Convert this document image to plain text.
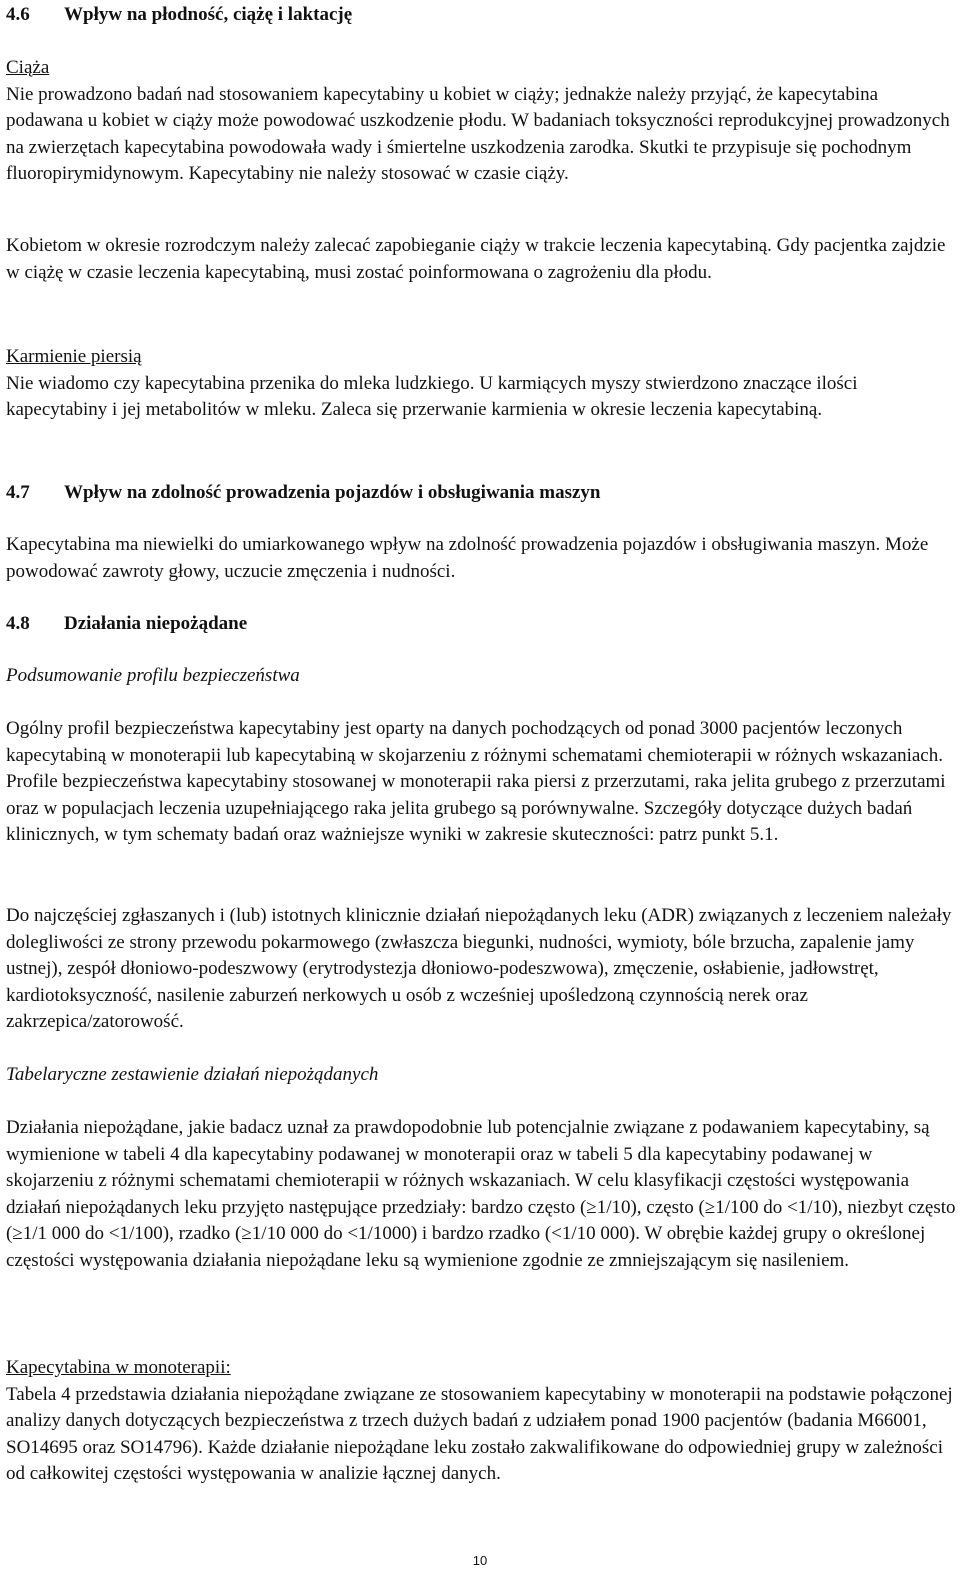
4.6	Wpływ na płodność, ciążę i laktację

Ciąża

Nie prowadzono badań nad stosowaniem kapecytabiny u kobiet w ciąży; jednakże należy przyjąć, że kapecytabina podawana u kobiet w ciąży może powodować uszkodzenie płodu. W badaniach toksyczności reprodukcyjnej prowadzonych na zwierzętach kapecytabina powodowała wady i śmiertelne uszkodzenia zarodka. Skutki te przypisuje się pochodnym fluoropirymidynowym. Kapecytabiny nie należy stosować w czasie ciąży.

Kobietom w okresie rozrodczym należy zalecać zapobieganie ciąży w trakcie leczenia kapecytabiną. Gdy pacjentka zajdzie w ciążę w czasie leczenia kapecytabiną, musi zostać poinformowana o zagrożeniu dla płodu.

Karmienie piersią

Nie wiadomo czy kapecytabina przenika do mleka ludzkiego. U karmiących myszy stwierdzono znaczące ilości kapecytabiny i jej metabolitów w mleku. Zaleca się przerwanie karmienia w okresie leczenia kapecytabiną.

4.7	Wpływ na zdolność prowadzenia pojazdów i obsługiwania maszyn

Kapecytabina ma niewielki do umiarkowanego wpływ na zdolność prowadzenia pojazdów i obsługiwania maszyn. Może powodować zawroty głowy, uczucie zmęczenia i nudności.

4.8	Działania niepożądane

Podsumowanie profilu bezpieczeństwa

Ogólny profil bezpieczeństwa kapecytabiny jest oparty na danych pochodzących od ponad 3000 pacjentów leczonych kapecytabiną w monoterapii lub kapecytabiną w skojarzeniu z różnymi schematami chemioterapii w różnych wskazaniach. Profile bezpieczeństwa kapecytabiny stosowanej w monoterapii raka piersi z przerzutami, raka jelita grubego z przerzutami oraz w populacjach leczenia uzupełniającego raka jelita grubego są porównywalne. Szczegóły dotyczące dużych badań klinicznych, w tym schematy badań oraz ważniejsze wyniki w zakresie skuteczności: patrz punkt 5.1.

Do najczęściej zgłaszanych i (lub) istotnych klinicznie działań niepożądanych leku (ADR) związanych z leczeniem należały dolegliwości ze strony przewodu pokarmowego (zwłaszcza biegunki, nudności, wymioty, bóle brzucha, zapalenie jamy ustnej), zespół dłoniowo-podeszwowy (erytrodystezja dłoniowo-podeszwowa), zmęczenie, osłabienie, jadłowstręt, kardiotoksyczność, nasilenie zaburzeń nerkowych u osób z wcześniej upośledzoną czynnością nerek oraz zakrzepica/zatorowość.

Tabelaryczne zestawienie działań niepożądanych

Działania niepożądane, jakie badacz uznał za prawdopodobnie lub potencjalnie związane z podawaniem kapecytabiny, są wymienione w tabeli 4 dla kapecytabiny podawanej w monoterapii oraz w tabeli 5 dla kapecytabiny podawanej w skojarzeniu z różnymi schematami chemioterapii w różnych wskazaniach. W celu klasyfikacji częstości występowania działań niepożądanych leku przyjęto następujące przedziały: bardzo często (≥1/10), często (≥1/100 do <1/10), niezbyt często (≥1/1 000 do <1/100), rzadko (≥1/10 000 do <1/1000) i bardzo rzadko (<1/10 000). W obrębie każdej grupy o określonej częstości występowania działania niepożądane leku są wymienione zgodnie ze zmniejszającym się nasileniem.

Kapecytabina w monoterapii:

Tabela 4 przedstawia działania niepożądane związane ze stosowaniem kapecytabiny w monoterapii na podstawie połączonej analizy danych dotyczących bezpieczeństwa z trzech dużych badań z udziałem ponad 1900 pacjentów (badania M66001, SO14695 oraz SO14796). Każde działanie niepożądane leku zostało zakwalifikowane do odpowiedniej grupy w zależności od całkowitej częstości występowania w analizie łącznej danych.

10
